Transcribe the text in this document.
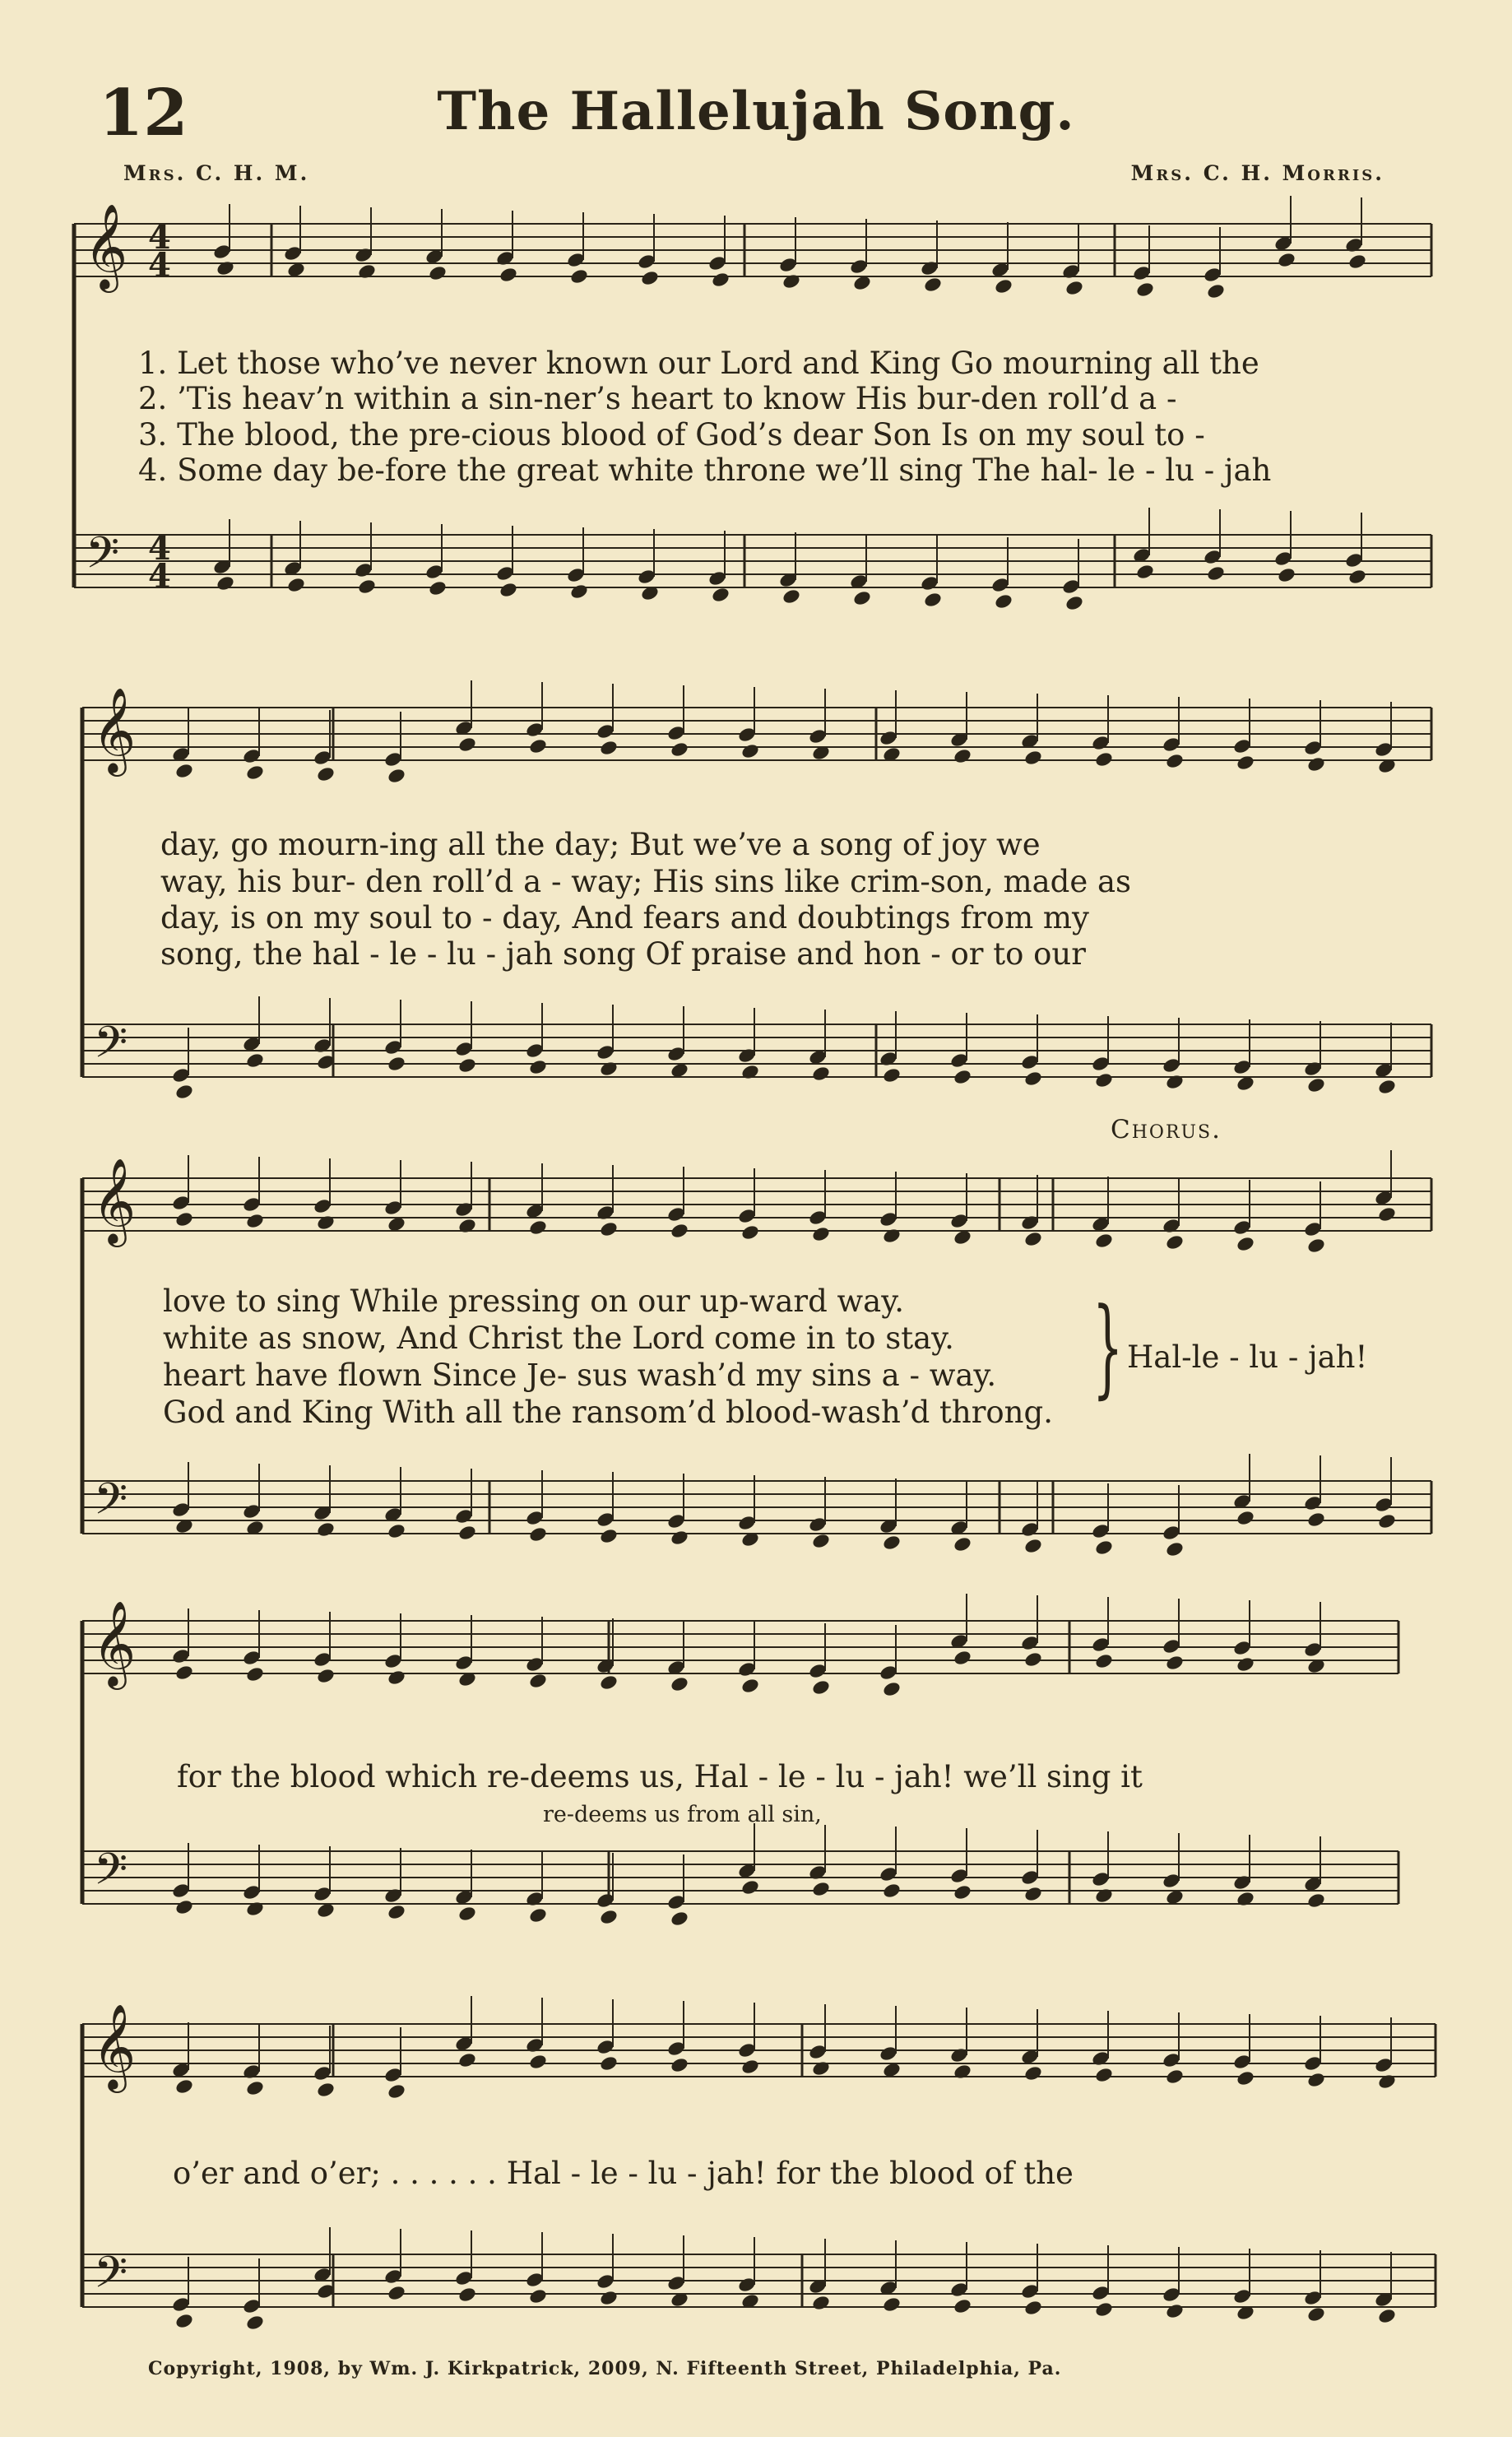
12	The Hallelujah Song.
Mrs. C. H. M.	Mrs. C. H. Morris.
𝄞
𝄢
𝄞
𝄢
𝄞
𝄢
𝄞
𝄢
𝄞
𝄢
4
4
4
4
1. Let those who’ve never known our Lord and King Go mourning all the
2. ’Tis heav’n within a sin-ner’s heart to know His bur-den roll’d a -
3. The blood, the pre-cious blood of God’s dear Son Is on my soul to -
4. Some day be-fore the great white throne we’ll sing The hal- le - lu - jah
day, go mourn-ing all the day; But we’ve a song of joy we
way, his bur- den roll’d a - way; His sins like crim-son, made as
day, is on my soul to - day, And fears and doubtings from my
song, the hal - le - lu - jah song Of praise and hon - or to our
Chorus.
love to sing While pressing on our up-ward way.
white as snow, And Christ the Lord come in to stay.
heart have flown Since Je- sus wash’d my sins a - way.
God and King With all the ransom’d blood-wash’d throng.
} Hal-le - lu - jah!
for the blood which re-deems us, Hal - le - lu - jah! we’ll sing it
re-deems us from all sin,
o’er and o’er; . . . . . . Hal - le - lu - jah! for the blood of the
Copyright, 1908, by Wm. J. Kirkpatrick, 2009, N. Fifteenth Street, Philadelphia, Pa.
